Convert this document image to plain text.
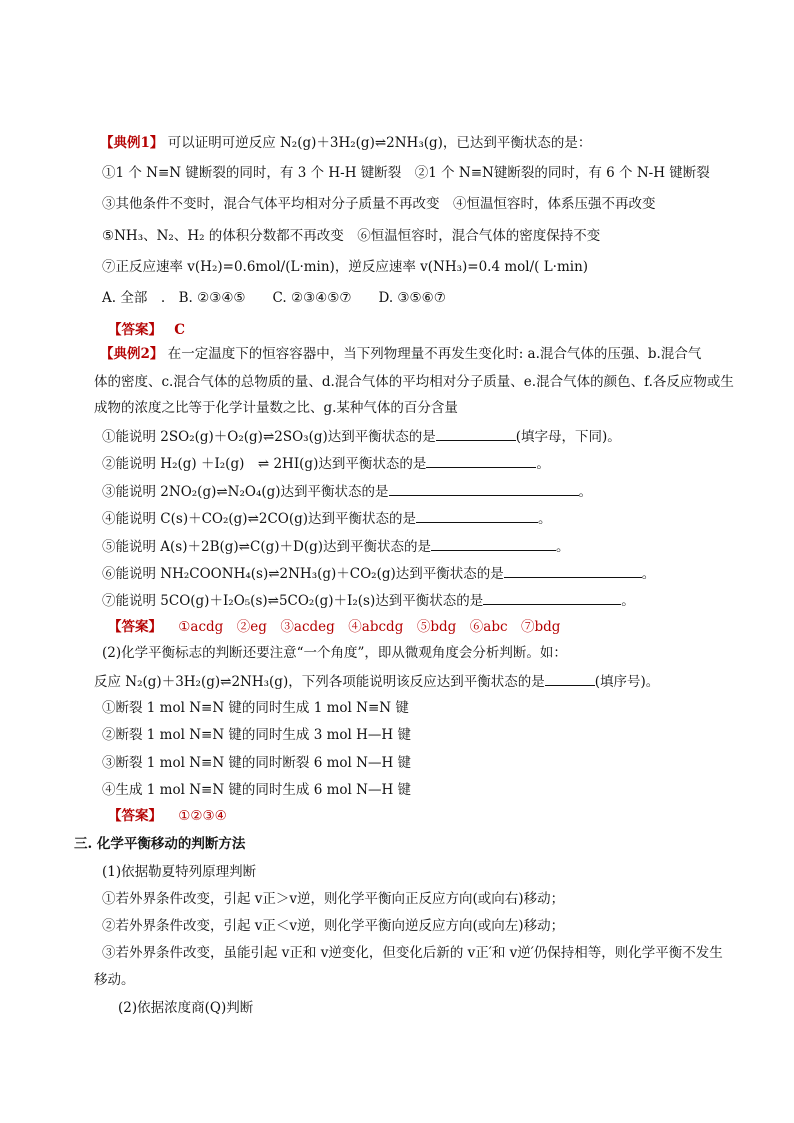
【典例1】 可以证明可逆反应 N₂(g)＋3H₂(g)⇌2NH₃(g)，已达到平衡状态的是：
①1 个 N≡N 键断裂的同时，有 3 个 H-H 键断裂　②1 个 N≡N键断裂的同时，有 6 个 N-H 键断裂
③其他条件不变时，混合气体平均相对分子质量不再改变　④恒温恒容时，体系压强不再改变
⑤NH₃、N₂、H₂ 的体积分数都不再改变　⑥恒温恒容时，混合气体的密度保持不变
⑦正反应速率 v(H₂)=0.6mol/(L·min)，逆反应速率 v(NH₃)=0.4 mol/( L·min)
A. 全部　.　B. ②③④⑤　　C. ②③④⑤⑦　　D. ③⑤⑥⑦
【答案】 C
【典例2】 在一定温度下的恒容容器中，当下列物理量不再发生变化时: a.混合气体的压强、b.混合气
体的密度、c.混合气体的总物质的量、d.混合气体的平均相对分子质量、e.混合气体的颜色、f.各反应物或生
成物的浓度之比等于化学计量数之比、g.某种气体的百分含量
①能说明 2SO₂(g)＋O₂(g)⇌2SO₃(g)达到平衡状态的是	(填字母，下同)。
②能说明 H₂(g) ＋I₂(g)　⇌ 2HI(g)达到平衡状态的是	。
③能说明 2NO₂(g)⇌N₂O₄(g)达到平衡状态的是	。
④能说明 C(s)＋CO₂(g)⇌2CO(g)达到平衡状态的是	。
⑤能说明 A(s)＋2B(g)⇌C(g)＋D(g)达到平衡状态的是	。
⑥能说明 NH₂COONH₄(s)⇌2NH₃(g)＋CO₂(g)达到平衡状态的是	。
⑦能说明 5CO(g)＋I₂O₅(s)⇌5CO₂(g)＋I₂(s)达到平衡状态的是	。
【答案】 ①acdg　②eg　③acdeg　④abcdg　⑤bdg　⑥abc　⑦bdg
(2)化学平衡标志的判断还要注意“一个角度”，即从微观角度会分析判断。如：
反应 N₂(g)＋3H₂(g)⇌2NH₃(g)，下列各项能说明该反应达到平衡状态的是	(填序号)。
①断裂 1 mol N≡N 键的同时生成 1 mol N≡N 键
②断裂 1 mol N≡N 键的同时生成 3 mol H—H 键
③断裂 1 mol N≡N 键的同时断裂 6 mol N—H 键
④生成 1 mol N≡N 键的同时生成 6 mol N—H 键
【答案】 ①②③④
三. 化学平衡移动的判断方法
(1)依据勒夏特列原理判断
①若外界条件改变，引起 v正＞v逆，则化学平衡向正反应方向(或向右)移动；
②若外界条件改变，引起 v正＜v逆，则化学平衡向逆反应方向(或向左)移动；
③若外界条件改变，虽能引起 v正和 v逆变化，但变化后新的 v正′和 v逆′仍保持相等，则化学平衡不发生
移动。
(2)依据浓度商(Q)判断
